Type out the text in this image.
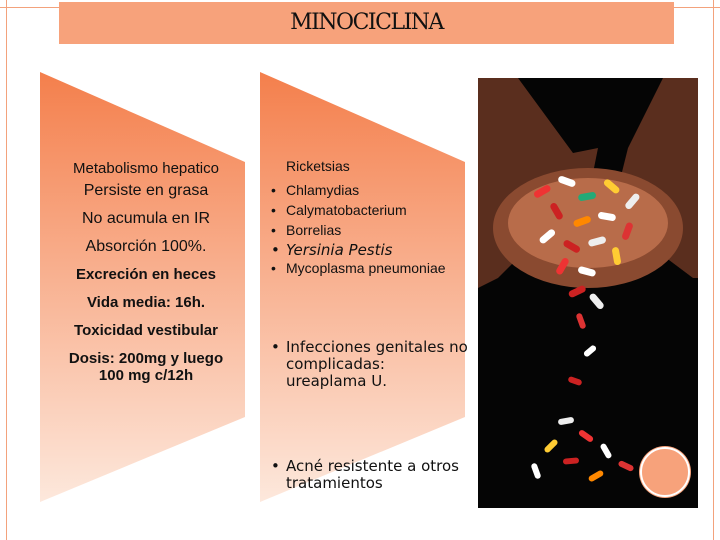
MINOCICLINA
Metabolismo hepatico
Persiste en grasa
No acumula en IR
Absorción 100%.
Excreción en heces
Vida media: 16h.
Toxicidad vestibular
Dosis: 200mg y luego 100 mg c/12h
Ricketsias
• Chlamydias
• Calymatobacterium
• Borrelias
• Yersinia Pestis
• Mycoplasma pneumoniae
• Infecciones genitales no complicadas: ureaplama U.
• Acné resistente a otros tratamientos
